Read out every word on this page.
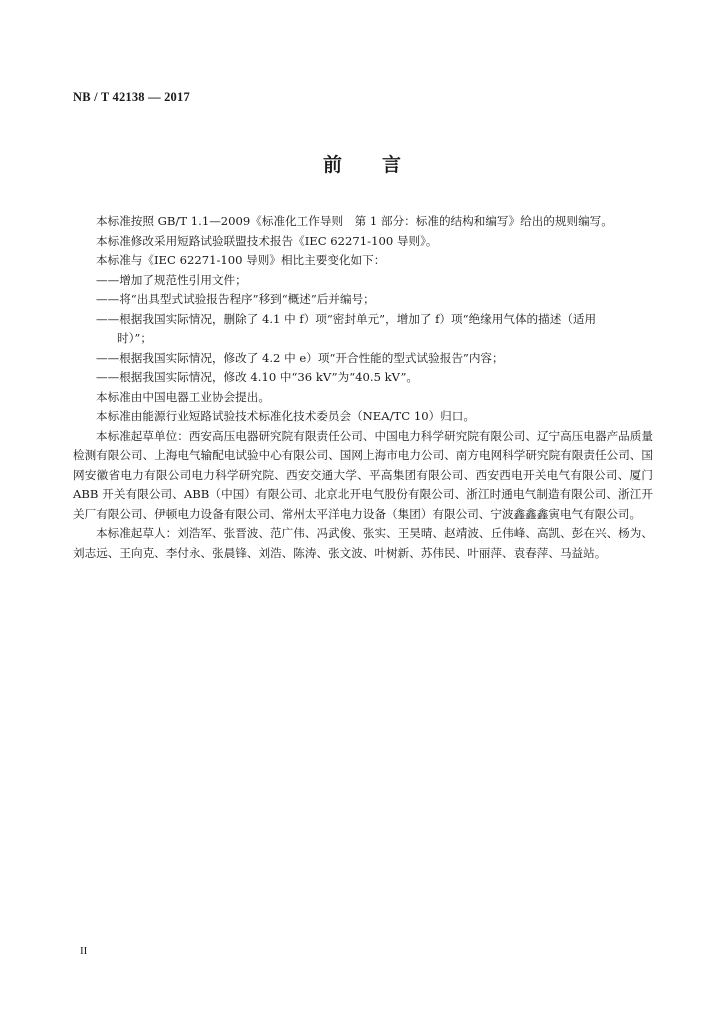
NB / T 42138 — 2017
前 言

本标准按照 GB/T 1.1—2009《标准化工作导则　第 1 部分：标准的结构和编写》给出的规则编写。

本标准修改采用短路试验联盟技术报告《IEC 62271-100 导则》。

本标准与《IEC 62271-100 导则》相比主要变化如下：

——增加了规范性引用文件；

——将“出具型式试验报告程序”移到“概述”后并编号；

——根据我国实际情况，删除了 4.1 中 f）项“密封单元”，增加了 f）项“绝缘用气体的描述（适用
时）”；

——根据我国实际情况，修改了 4.2 中 e）项“开合性能的型式试验报告”内容；

——根据我国实际情况，修改 4.10 中“36 kV”为“40.5 kV”。

本标准由中国电器工业协会提出。

本标准由能源行业短路试验技术标准化技术委员会（NEA/TC 10）归口。

本标准起草单位：西安高压电器研究院有限责任公司、中国电力科学研究院有限公司、辽宁高压电器产品质量检测有限公司、上海电气输配电试验中心有限公司、国网上海市电力公司、南方电网科学研究院有限责任公司、国网安徽省电力有限公司电力科学研究院、西安交通大学、平高集团有限公司、西安西电开关电气有限公司、厦门 ABB 开关有限公司、ABB（中国）有限公司、北京北开电气股份有限公司、浙江时通电气制造有限公司、浙江开关厂有限公司、伊顿电力设备有限公司、常州太平洋电力设备（集团）有限公司、宁波鑫鑫鑫寅电气有限公司。

本标准起草人：刘浩军、张晋波、范广伟、冯武俊、张实、王昊晴、赵靖波、丘伟峰、高凯、彭在兴、杨为、刘志远、王向克、李付永、张晨锋、刘浩、陈涛、张文波、叶树新、苏伟民、叶丽萍、袁春萍、马益站。

II
